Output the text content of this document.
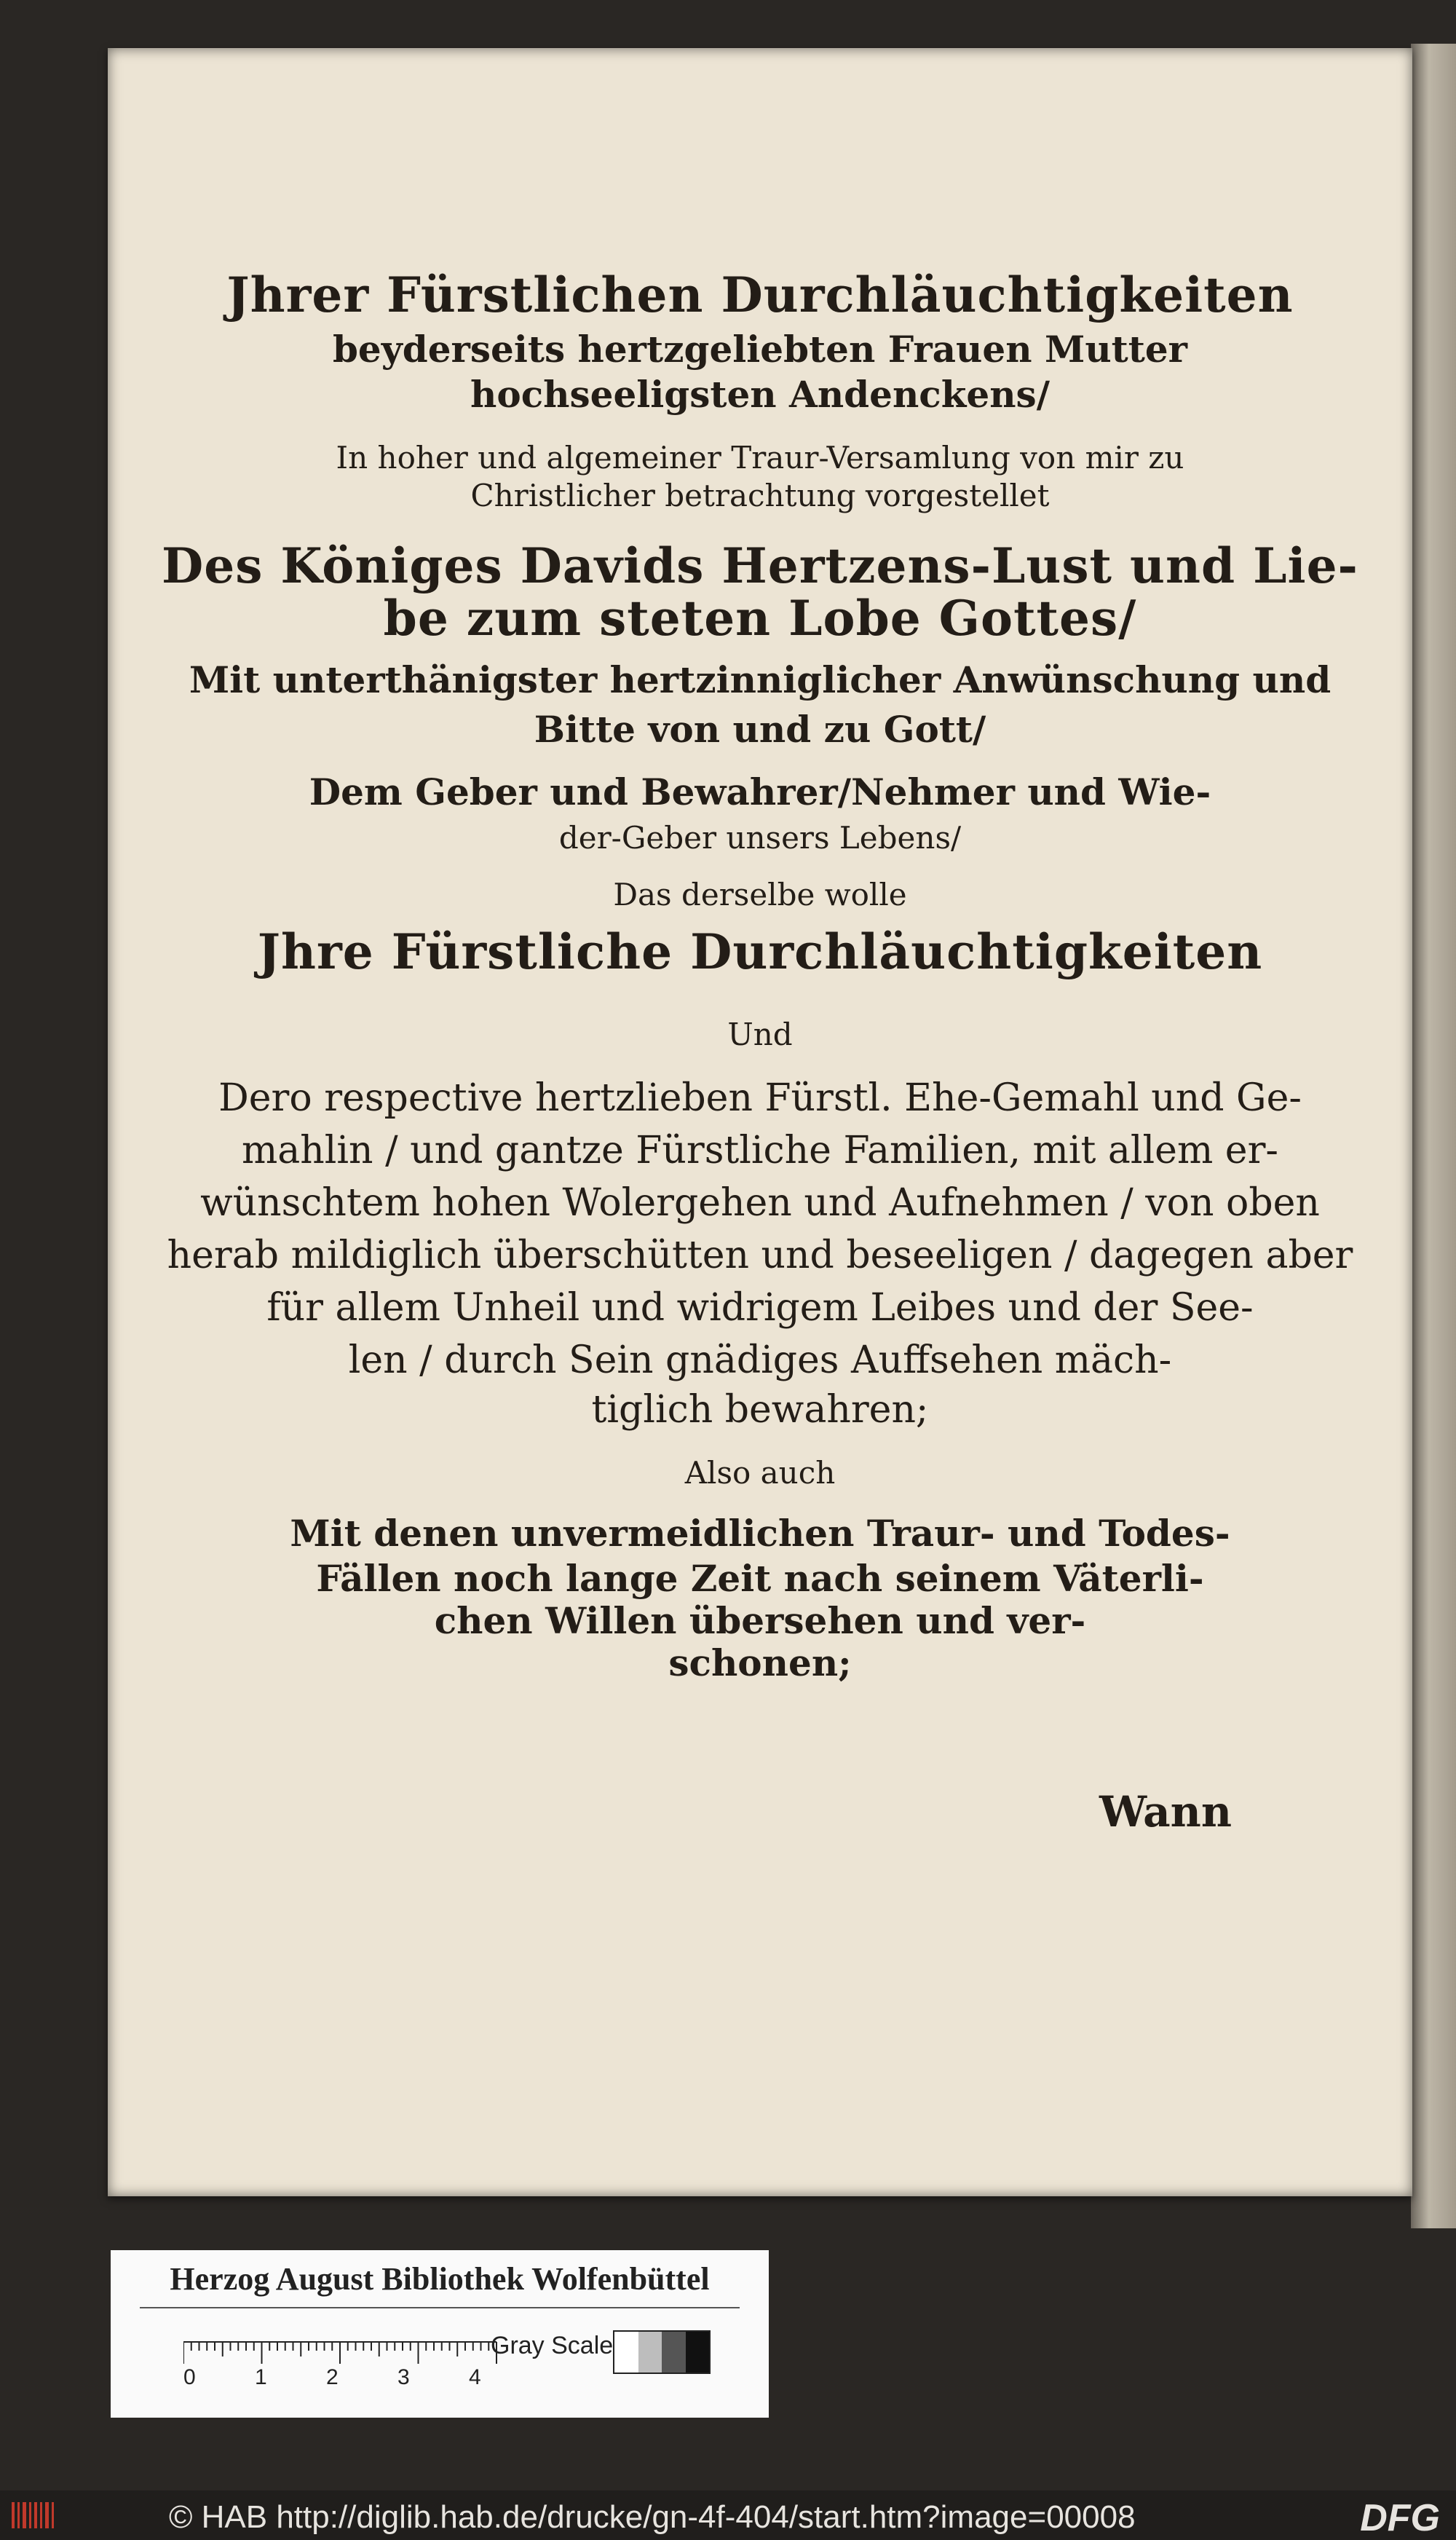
Jhrer Fürstlichen Durchläuchtigkeiten
beyderseits hertzgeliebten Frauen Mutter
hochseeligsten Andenckens/
In hoher und algemeiner Traur-Versamlung von mir zu
Christlicher betrachtung vorgestellet
Des Königes Davids Hertzens-Lust und Lie-
be zum steten Lobe Gottes/
Mit unterthänigster hertzinniglicher Anwünschung und
Bitte von und zu Gott/
Dem Geber und Bewahrer/Nehmer und Wie-
der-Geber unsers Lebens/
Das derselbe wolle
Jhre Fürstliche Durchläuchtigkeiten
Und
Dero respective hertzlieben Fürstl. Ehe-Gemahl und Ge-
mahlin / und gantze Fürstliche Familien, mit allem er-
wünschtem hohen Wolergehen und Aufnehmen / von oben
herab mildiglich überschütten und beseeligen / dagegen aber
für allem Unheil und widrigem Leibes und der See-
len / durch Sein gnädiges Auffsehen mäch-
tiglich bewahren;
Also auch
Mit denen unvermeidlichen Traur- und Todes-
Fällen noch lange Zeit nach seinem Väterli-
chen Willen übersehen und ver-
schonen;
Wann
Herzog August Bibliothek Wolfenbüttel
0	1	2	3	4
Gray Scale
© HAB http://diglib.hab.de/drucke/gn-4f-404/start.htm?image=00008	DFG
